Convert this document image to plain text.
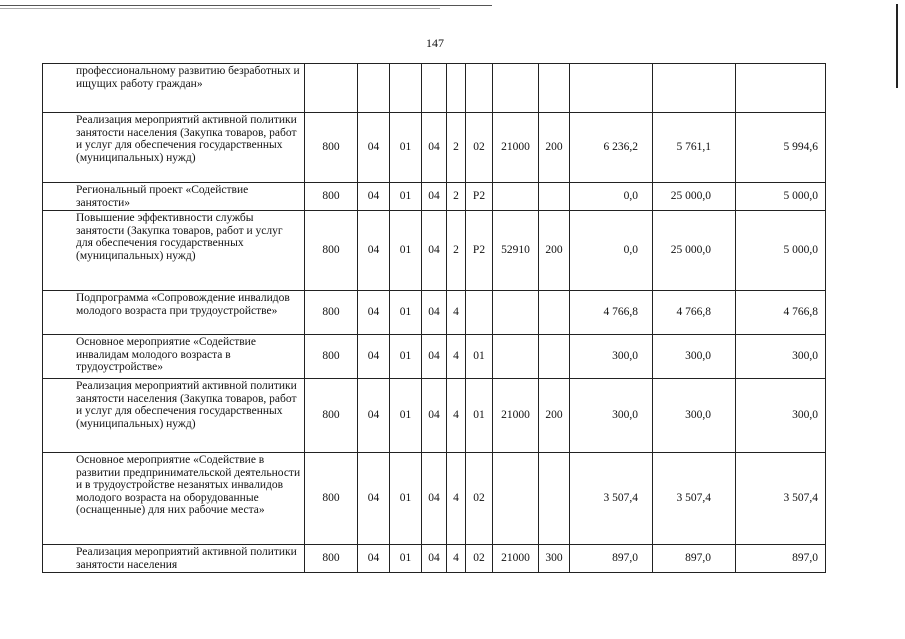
147
профессиональному развитию безработных и ищущих работу граждан»											
Реализация мероприятий активной политики занятости населения (Закупка товаров, работ и услуг для обеспечения государственных (муниципальных) нужд)	800	04	01	04	2	02	21000	200	6 236,2	5 761,1	5 994,6
Региональный проект «Содействие занятости»	800	04	01	04	2	P2			0,0	25 000,0	5 000,0
Повышение эффективности службы занятости (Закупка товаров, работ и услуг для обеспечения государственных (муниципальных) нужд)	800	04	01	04	2	P2	52910	200	0,0	25 000,0	5 000,0
Подпрограмма «Сопровождение инвалидов молодого возраста при трудоустройстве»	800	04	01	04	4				4 766,8	4 766,8	4 766,8
Основное мероприятие «Содействие инвалидам молодого возраста в трудоустройстве»	800	04	01	04	4	01			300,0	300,0	300,0
Реализация мероприятий активной политики занятости населения (Закупка товаров, работ и услуг для обеспечения государственных (муниципальных) нужд)	800	04	01	04	4	01	21000	200	300,0	300,0	300,0
Основное мероприятие «Содействие в развитии предпринимательской деятельности и в трудоустройстве незанятых инвалидов молодого возраста на оборудованные (оснащенные) для них рабочие места»	800	04	01	04	4	02			3 507,4	3 507,4	3 507,4
Реализация мероприятий активной политики занятости населения	800	04	01	04	4	02	21000	300	897,0	897,0	897,0
